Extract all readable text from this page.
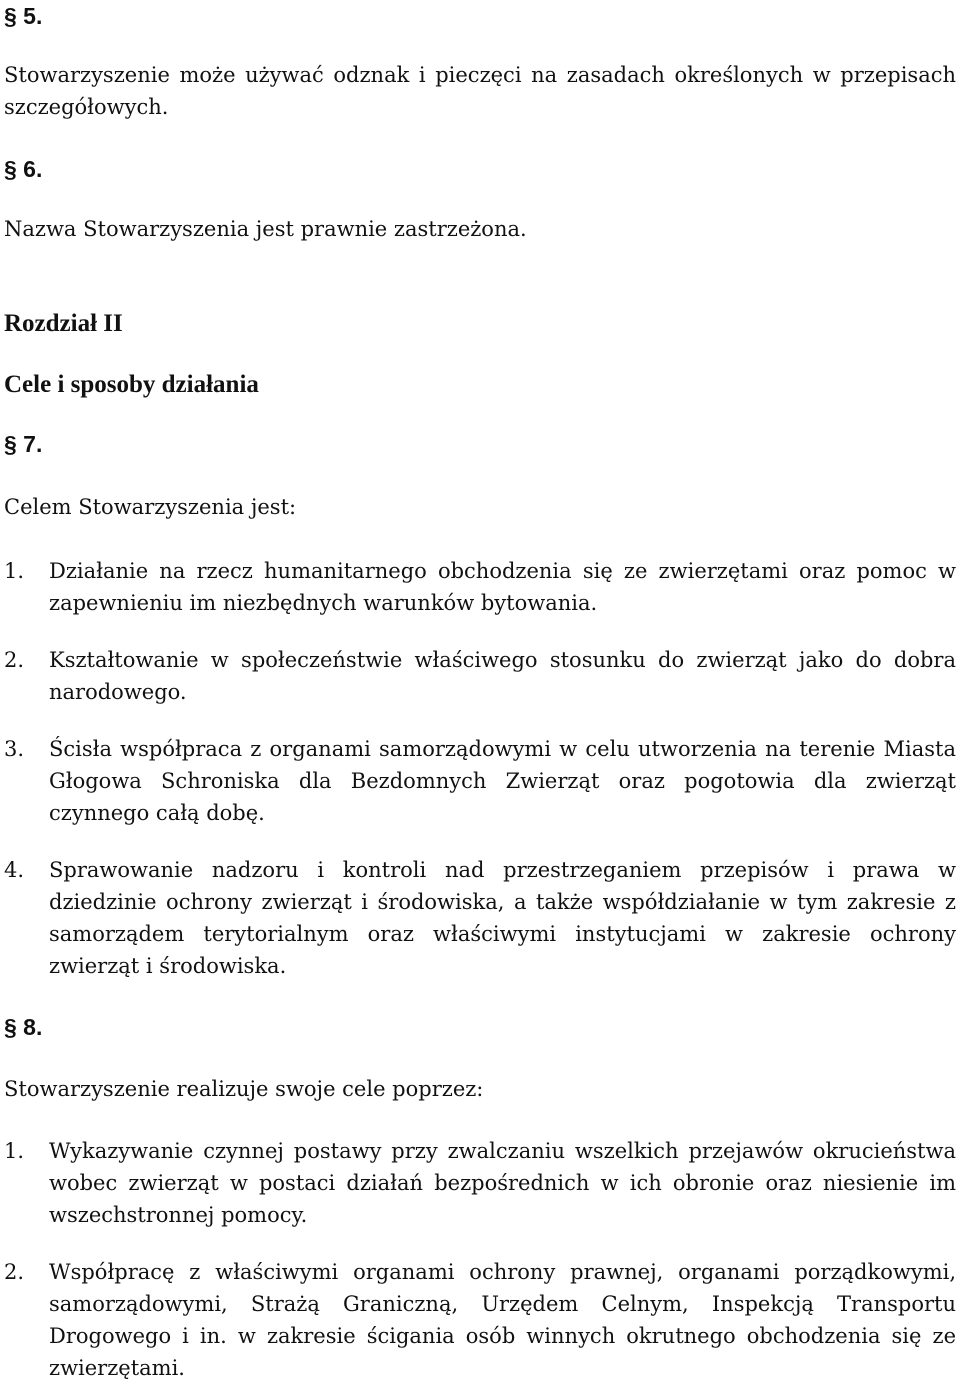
§ 5.

Stowarzyszenie może używać odznak i pieczęci na zasadach określonych w przepisach szczegółowych.

§ 6.

Nazwa Stowarzyszenia jest prawnie zastrzeżona.

Rozdział II
Cele i sposoby działania
§ 7.

Celem Stowarzyszenia jest:

1.	Działanie na rzecz humanitarnego obchodzenia się ze zwierzętami oraz pomoc w zapewnieniu im niezbędnych warunków bytowania.
2.	Kształtowanie w społeczeństwie właściwego stosunku do zwierząt jako do dobra narodowego.
3.	Ścisła współpraca z organami samorządowymi w celu utworzenia na terenie Miasta Głogowa Schroniska dla Bezdomnych Zwierząt oraz pogotowia dla zwierząt czynnego całą dobę.
4.	Sprawowanie nadzoru i kontroli nad przestrzeganiem przepisów i prawa w dziedzinie ochrony zwierząt i środowiska, a także współdziałanie w tym zakresie z samorządem terytorialnym oraz właściwymi instytucjami w zakresie ochrony zwierząt i środowiska.
§ 8.

Stowarzyszenie realizuje swoje cele poprzez:

1.	Wykazywanie czynnej postawy przy zwalczaniu wszelkich przejawów okrucieństwa wobec zwierząt w postaci działań bezpośrednich w ich obronie oraz niesienie im wszechstronnej pomocy.
2.	Współpracę z właściwymi organami ochrony prawnej, organami porządkowymi, samorządowymi, Strażą Graniczną, Urzędem Celnym, Inspekcją Transportu Drogowego i in. w zakresie ścigania osób winnych okrutnego obchodzenia się ze zwierzętami.
